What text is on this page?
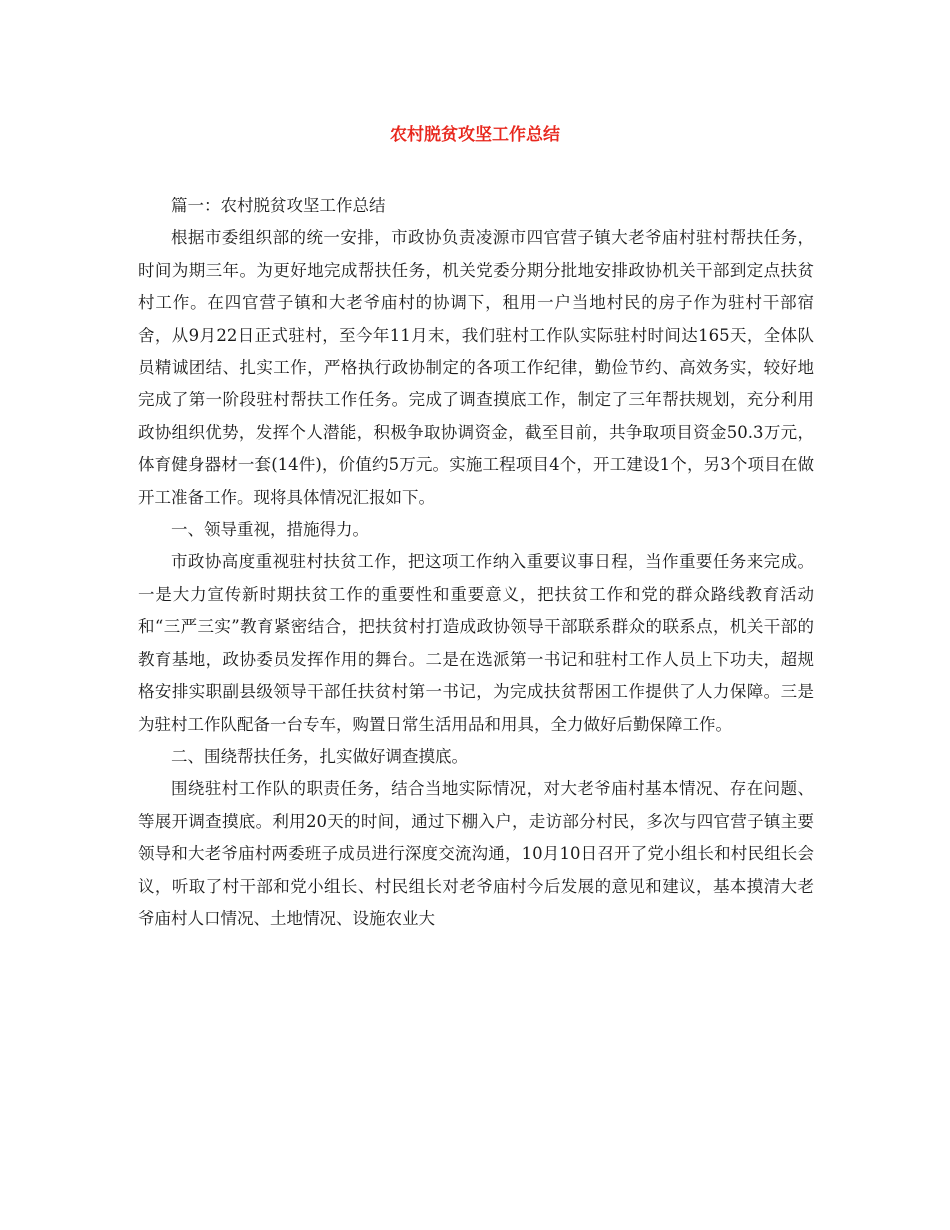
农村脱贫攻坚工作总结

篇一：农村脱贫攻坚工作总结

根据市委组织部的统一安排，市政协负责凌源市四官营子镇大老爷庙村驻村帮扶任务，时间为期三年。为更好地完成帮扶任务，机关党委分期分批地安排政协机关干部到定点扶贫村工作。在四官营子镇和大老爷庙村的协调下，租用一户当地村民的房子作为驻村干部宿舍，从9月22日正式驻村，至今年11月末，我们驻村工作队实际驻村时间达165天，全体队员精诚团结、扎实工作，严格执行政协制定的各项工作纪律，勤俭节约、高效务实，较好地完成了第一阶段驻村帮扶工作任务。完成了调查摸底工作，制定了三年帮扶规划，充分利用政协组织优势，发挥个人潜能，积极争取协调资金，截至目前，共争取项目资金50.3万元，体育健身器材一套(14件)，价值约5万元。实施工程项目4个，开工建设1个，另3个项目在做开工准备工作。现将具体情况汇报如下。

一、领导重视，措施得力。

市政协高度重视驻村扶贫工作，把这项工作纳入重要议事日程，当作重要任务来完成。一是大力宣传新时期扶贫工作的重要性和重要意义，把扶贫工作和党的群众路线教育活动和“三严三实”教育紧密结合，把扶贫村打造成政协领导干部联系群众的联系点，机关干部的教育基地，政协委员发挥作用的舞台。二是在选派第一书记和驻村工作人员上下功夫，超规格安排实职副县级领导干部任扶贫村第一书记，为完成扶贫帮困工作提供了人力保障。三是为驻村工作队配备一台专车，购置日常生活用品和用具，全力做好后勤保障工作。

二、围绕帮扶任务，扎实做好调查摸底。

围绕驻村工作队的职责任务，结合当地实际情况，对大老爷庙村基本情况、存在问题、等展开调查摸底。利用20天的时间，通过下棚入户，走访部分村民，多次与四官营子镇主要领导和大老爷庙村两委班子成员进行深度交流沟通，10月10日召开了党小组长和村民组长会议，听取了村干部和党小组长、村民组长对老爷庙村今后发展的意见和建议，基本摸清大老爷庙村人口情况、土地情况、设施农业大
